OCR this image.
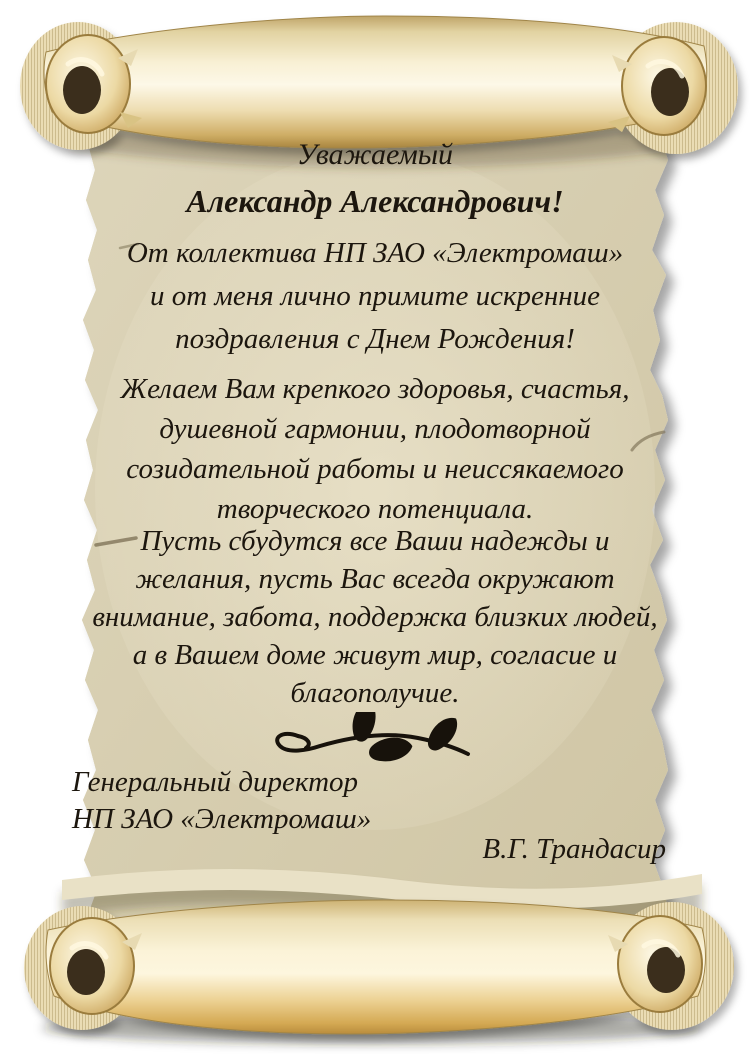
Уважаемый
Александр Александрович!
От коллектива НП ЗАО «Электромаш»
и от меня лично примите искренние
поздравления с Днем Рождения!
Желаем Вам крепкого здоровья, счастья,
душевной гармонии, плодотворной
созидательной работы и неиссякаемого
творческого потенциала.
Пусть сбудутся все Ваши надежды и
желания, пусть Вас всегда окружают
внимание, забота, поддержка близких людей,
а в Вашем доме живут мир, согласие и
благополучие.
Генеральный директор
НП ЗАО «Электромаш»
В.Г. Трандасир
